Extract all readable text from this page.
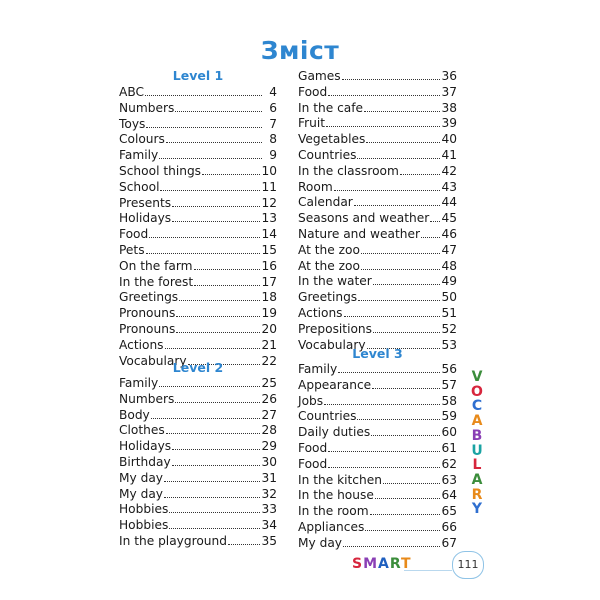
Зміст
Level 1
ABC	4
Numbers	6
Toys	7
Colours	8
Family	9
School things	10
School	11
Presents	12
Holidays	13
Food	14
Pets	15
On the farm	16
In the forest	17
Greetings	18
Pronouns	19
Pronouns	20
Actions	21
Vocabulary	22
Level 2
Family	25
Numbers	26
Body	27
Clothes	28
Holidays	29
Birthday	30
My day	31
My day	32
Hobbies	33
Hobbies	34
In the playground	35
Games	36
Food	37
In the cafe	38
Fruit	39
Vegetables	40
Countries	41
In the classroom	42
Room	43
Calendar	44
Seasons and weather 45
Nature and weather 46
At the zoo	47
At the zoo	48
In the water	49
Greetings	50
Actions	51
Prepositions	52
Vocabulary	53
Level 3
Family	56
Appearance	57
Jobs	58
Countries	59
Daily duties	60
Food	61
Food	62
In the kitchen	63
In the house	64
In the room	65
Appliances	66
My day	67
V
O
C
A
B
U
L
A
R
Y
SMART	111
